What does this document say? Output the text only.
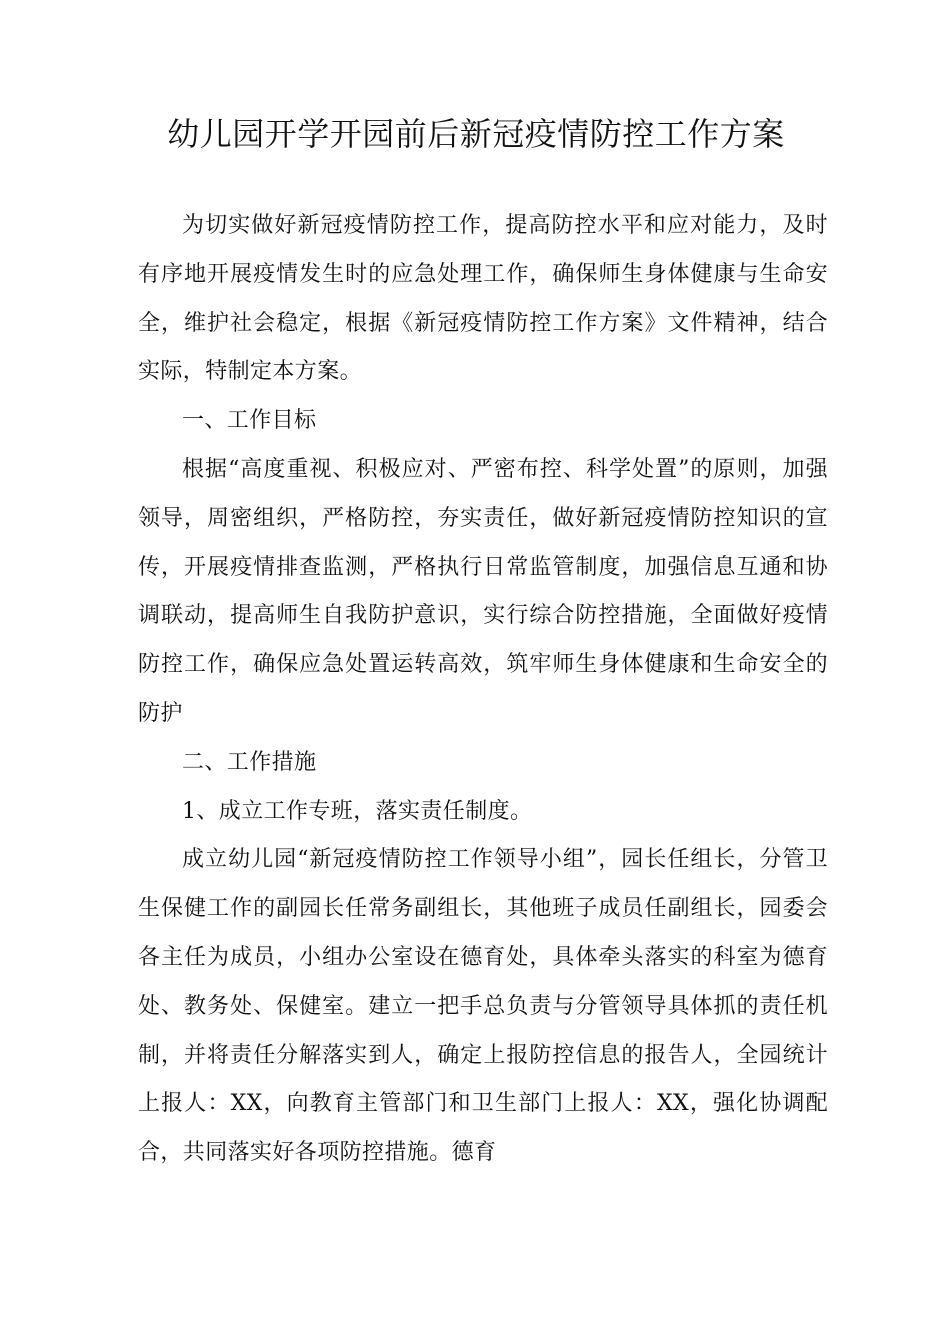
幼儿园开学开园前后新冠疫情防控工作方案

为切实做好新冠疫情防控工作，提高防控水平和应对能力，及时有序地开展疫情发生时的应急处理工作，确保师生身体健康与生命安全，维护社会稳定，根据《新冠疫情防控工作方案》文件精神，结合实际，特制定本方案。

一、工作目标

根据“高度重视、积极应对、严密布控、科学处置”的原则，加强领导，周密组织，严格防控，夯实责任，做好新冠疫情防控知识的宣传，开展疫情排查监测，严格执行日常监管制度，加强信息互通和协调联动，提高师生自我防护意识，实行综合防控措施，全面做好疫情防控工作，确保应急处置运转高效，筑牢师生身体健康和生命安全的防护

二、工作措施

1、成立工作专班，落实责任制度。

成立幼儿园“新冠疫情防控工作领导小组”，园长任组长，分管卫生保健工作的副园长任常务副组长，其他班子成员任副组长，园委会各主任为成员，小组办公室设在德育处，具体牵头落实的科室为德育处、教务处、保健室。建立一把手总负责与分管领导具体抓的责任机制，并将责任分解落实到人，确定上报防控信息的报告人，全园统计上报人：XX，向教育主管部门和卫生部门上报人：XX，强化协调配合，共同落实好各项防控措施。德育
